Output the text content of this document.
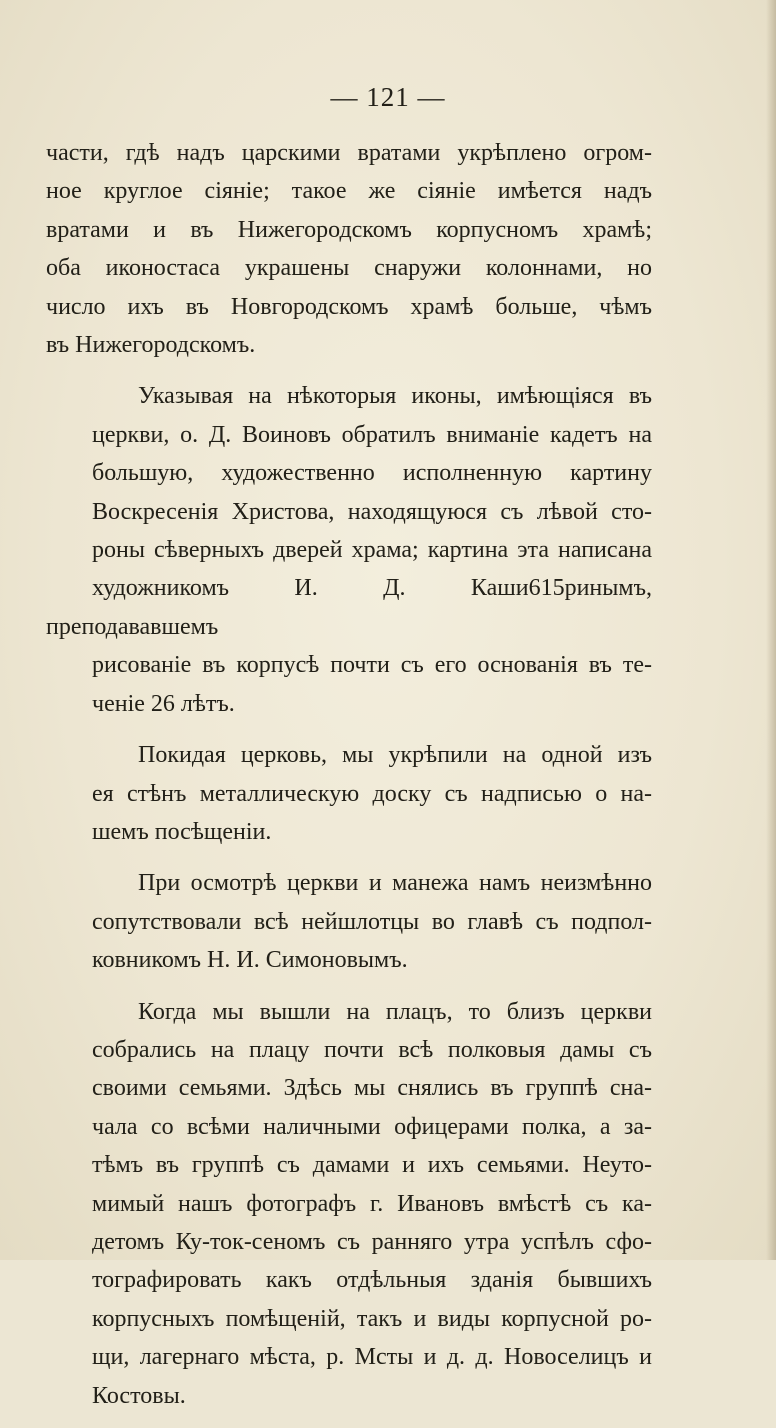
— 121 —
части, гдѣ надъ царскими вратами укрѣплено огром-
ное круглое сіяніе; такое же сіяніе имѣется надъ
вратами и въ Нижегородскомъ корпусномъ храмѣ;
оба иконостаса украшены снаружи колоннами, но
число ихъ въ Новгородскомъ храмѣ больше, чѣмъ
въ Нижегородскомъ.
Указывая на нѣкоторыя иконы, имѣющіяся въ
церкви, о. Д. Воиновъ обратилъ вниманіе кадетъ на
большую, художественно исполненную картину
Воскресенія Христова, находящуюся съ лѣвой сто-
роны сѣверныхъ дверей храма; картина эта написана
художникомъ И. Д. Каши615ринымъ, преподававшемъ
рисованіе въ корпусѣ почти съ его основанія въ те-
ченіе 26 лѣтъ.
Покидая церковь, мы укрѣпили на одной изъ
ея стѣнъ металлическую доску съ надписью о на-
шемъ посѣщеніи.
При осмотрѣ церкви и манежа намъ неизмѣнно
сопутствовали всѣ нейшлотцы во главѣ съ подпол-
ковникомъ Н. И. Симоновымъ.
Когда мы вышли на плацъ, то близъ церкви
собрались на плацу почти всѣ полковыя дамы съ
своими семьями. Здѣсь мы снялись въ группѣ сна-
чала со всѣми наличными офицерами полка, а за-
тѣмъ въ группѣ съ дамами и ихъ семьями. Неуто-
мимый нашъ фотографъ г. Ивановъ вмѣстѣ съ ка-
детомъ Ку-ток-сеномъ съ ранняго утра успѣлъ сфо-
тографировать какъ отдѣльныя зданія бывшихъ
корпусныхъ помѣщеній, такъ и виды корпусной ро-
щи, лагернаго мѣста, р. Мсты и д. д. Новоселицъ и
Костовы.
